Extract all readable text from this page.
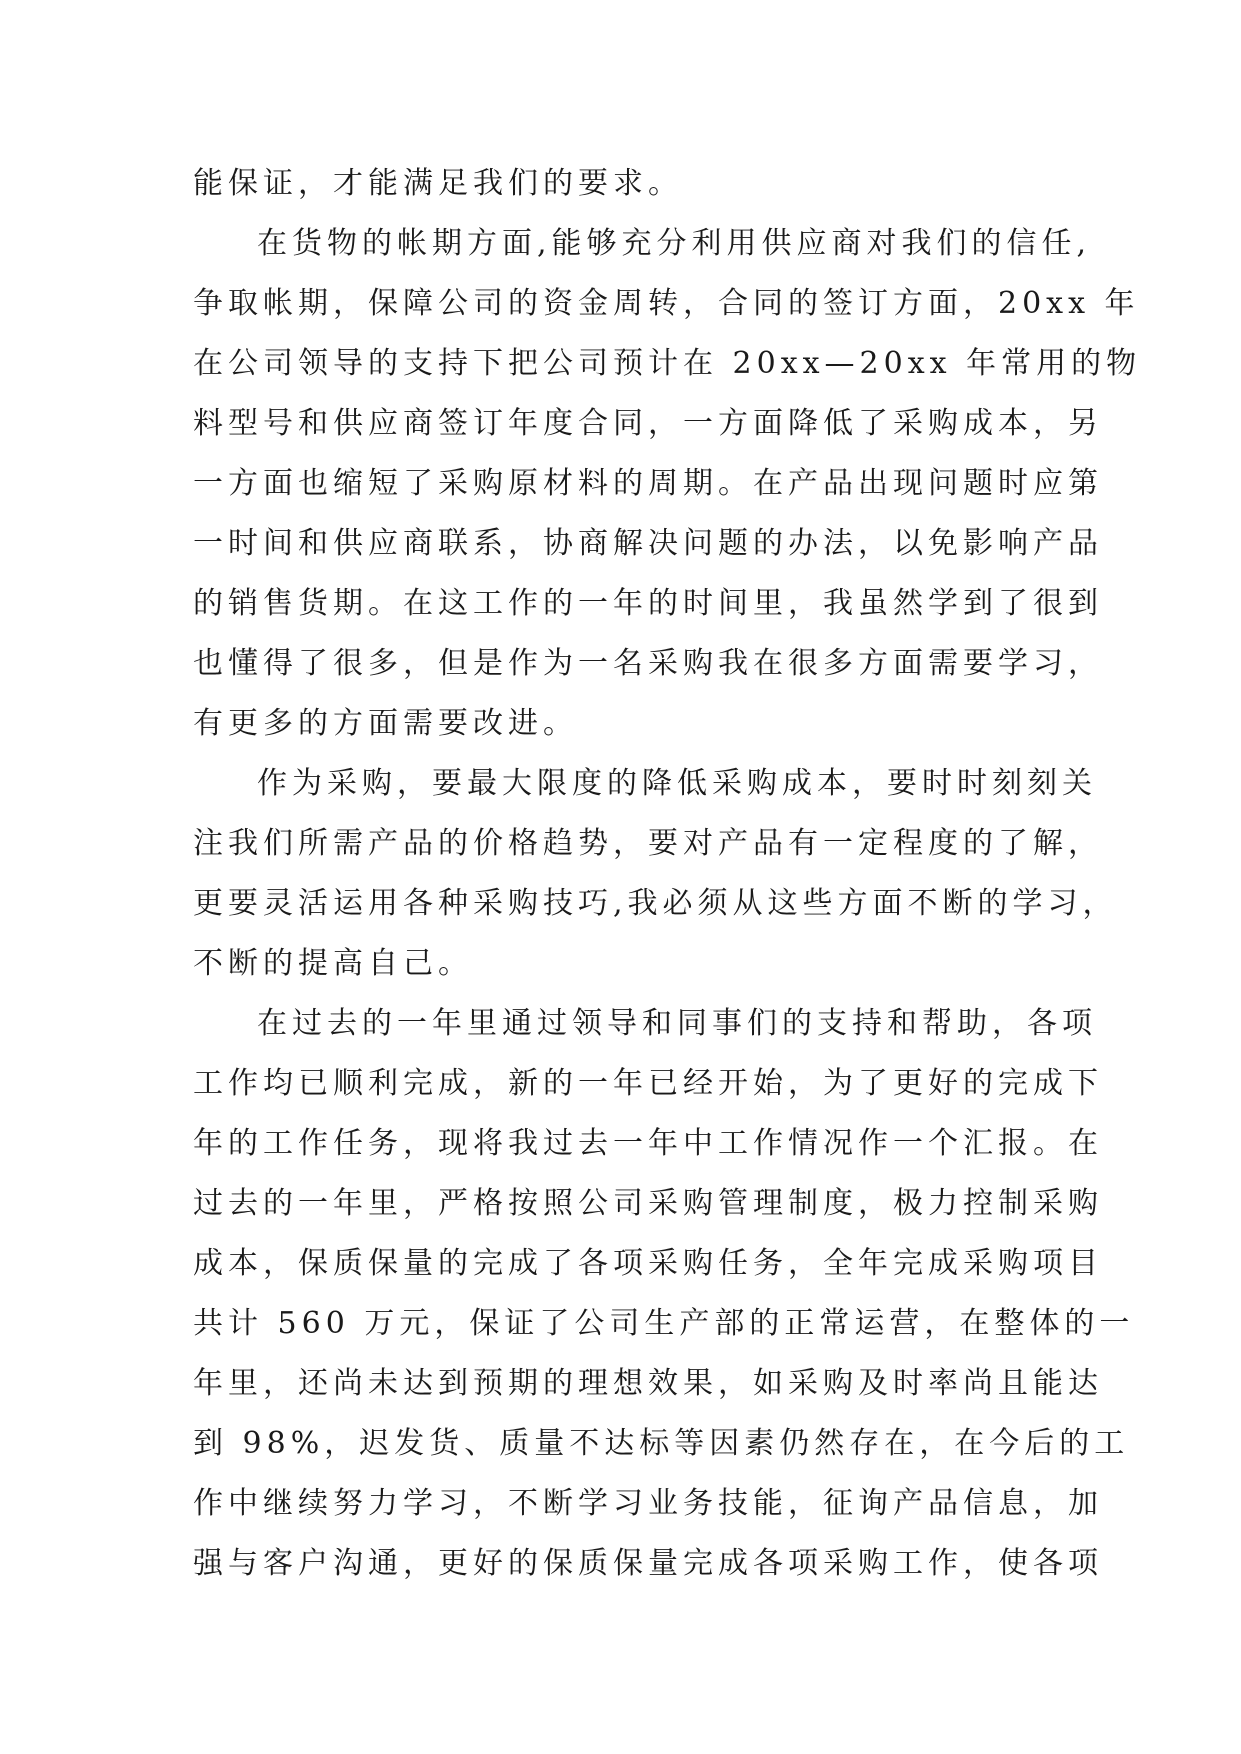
能保证，才能满足我们的要求。
在货物的帐期方面,能够充分利用供应商对我们的信任,
争取帐期，保障公司的资金周转，合同的签订方面，20xx 年
在公司领导的支持下把公司预计在 20xx—20xx 年常用的物
料型号和供应商签订年度合同，一方面降低了采购成本，另
一方面也缩短了采购原材料的周期。在产品出现问题时应第
一时间和供应商联系，协商解决问题的办法，以免影响产品
的销售货期。在这工作的一年的时间里，我虽然学到了很到
也懂得了很多，但是作为一名采购我在很多方面需要学习，
有更多的方面需要改进。
作为采购，要最大限度的降低采购成本，要时时刻刻关
注我们所需产品的价格趋势，要对产品有一定程度的了解，
更要灵活运用各种采购技巧,我必须从这些方面不断的学习，
不断的提高自己。
在过去的一年里通过领导和同事们的支持和帮助，各项
工作均已顺利完成，新的一年已经开始，为了更好的完成下
年的工作任务，现将我过去一年中工作情况作一个汇报。在
过去的一年里，严格按照公司采购管理制度，极力控制采购
成本，保质保量的完成了各项采购任务，全年完成采购项目
共计 560 万元，保证了公司生产部的正常运营，在整体的一
年里，还尚未达到预期的理想效果，如采购及时率尚且能达
到 98%，迟发货、质量不达标等因素仍然存在，在今后的工
作中继续努力学习，不断学习业务技能，征询产品信息，加
强与客户沟通，更好的保质保量完成各项采购工作，使各项
